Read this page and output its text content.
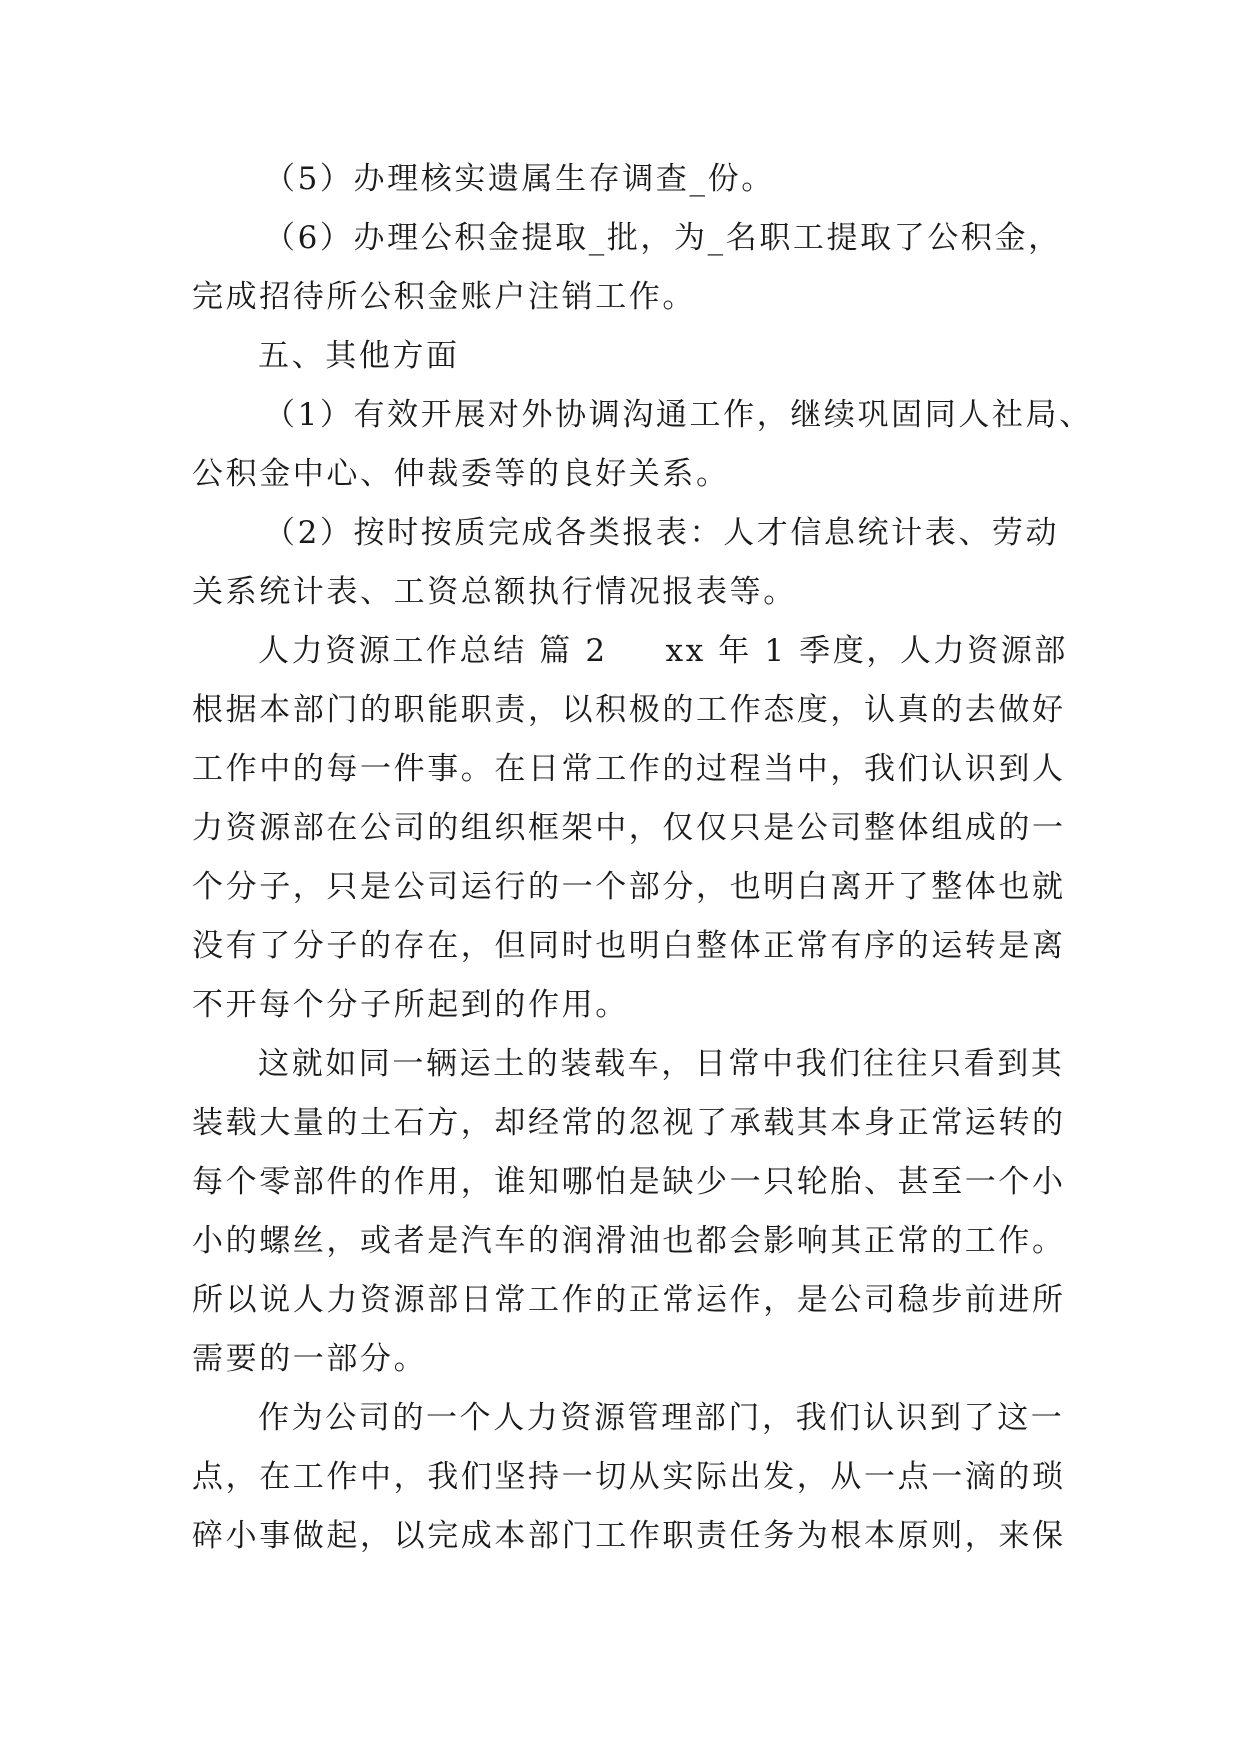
（5）办理核实遗属生存调查_份。

（6）办理公积金提取_批，为_名职工提取了公积金，
完成招待所公积金账户注销工作。

五、其他方面

（1）有效开展对外协调沟通工作，继续巩固同人社局、
公积金中心、仲裁委等的良好关系。

（2）按时按质完成各类报表：人才信息统计表、劳动
关系统计表、工资总额执行情况报表等。

人力资源工作总结 篇 2 xx 年 1 季度，人力资源部
根据本部门的职能职责，以积极的工作态度，认真的去做好
工作中的每一件事。在日常工作的过程当中，我们认识到人
力资源部在公司的组织框架中，仅仅只是公司整体组成的一
个分子，只是公司运行的一个部分，也明白离开了整体也就
没有了分子的存在，但同时也明白整体正常有序的运转是离
不开每个分子所起到的作用。

这就如同一辆运土的装载车，日常中我们往往只看到其
装载大量的土石方，却经常的忽视了承载其本身正常运转的
每个零部件的作用，谁知哪怕是缺少一只轮胎、甚至一个小
小的螺丝，或者是汽车的润滑油也都会影响其正常的工作。
所以说人力资源部日常工作的正常运作，是公司稳步前进所
需要的一部分。

作为公司的一个人力资源管理部门，我们认识到了这一
点，在工作中，我们坚持一切从实际出发，从一点一滴的琐
碎小事做起，以完成本部门工作职责任务为根本原则，来保
